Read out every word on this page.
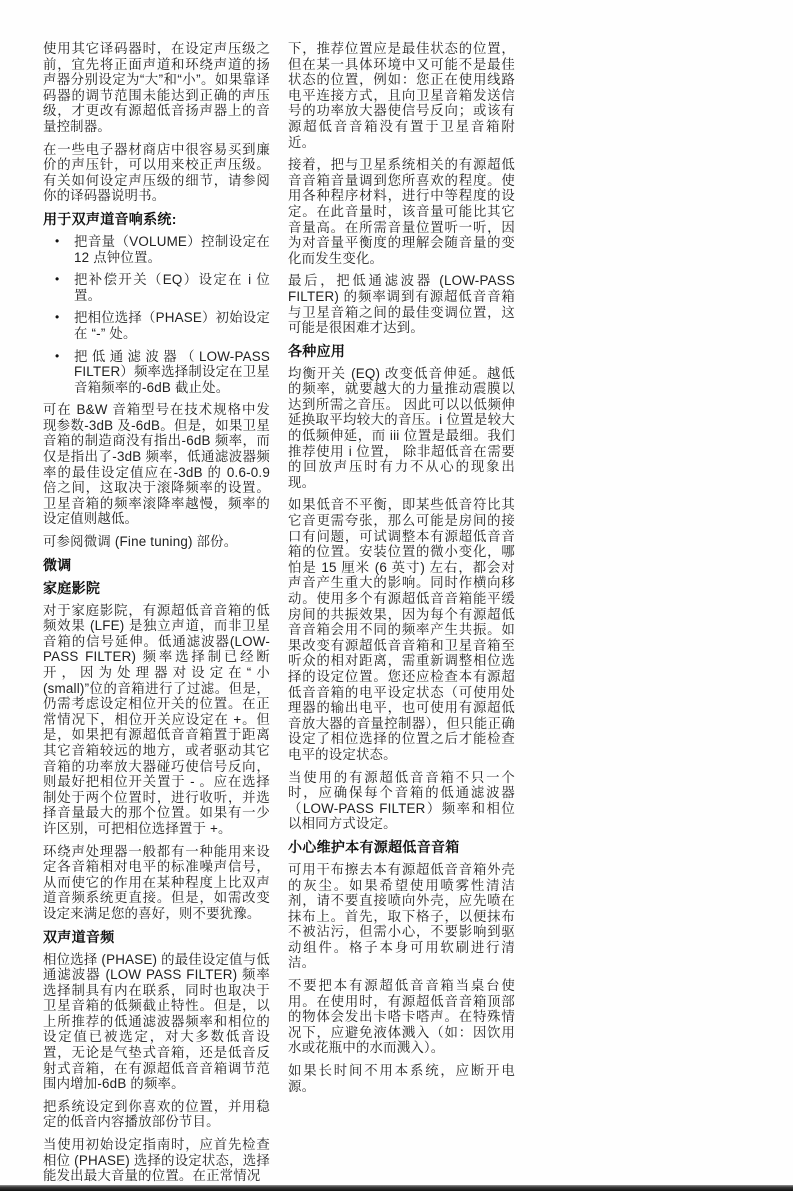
使用其它译码器时，在设定声压级之前，宜先将正面声道和环绕声道的扬声器分别设定为“大”和“小”。如果靠译码器的调节范围未能达到正确的声压级，才更改有源超低音扬声器上的音量控制器。

在一些电子器材商店中很容易买到廉价的声压针，可以用来校正声压级。有关如何设定声压级的细节，请参阅你的译码器说明书。

用于双声道音响系统:
• 把音量（VOLUME）控制设定在 12 点钟位置。
• 把补偿开关（EQ）设定在 i 位置。
• 把相位选择（PHASE）初始设定在 “-” 处。
• 把低通滤波器（LOW-PASS FILTER）频率选择制设定在卫星音箱频率的-6dB 截止处。

可在 B&W 音箱型号在技术规格中发现参数-3dB 及-6dB。但是，如果卫星音箱的制造商没有指出-6dB 频率，而仅是指出了-3dB 频率，低通滤波器频率的最佳设定值应在-3dB 的 0.6-0.9 倍之间，这取决于滚降频率的设置。卫星音箱的频率滚降率越慢，频率的设定值则越低。

可参阅微调 (Fine tuning) 部份。

微调
家庭影院

对于家庭影院，有源超低音音箱的低频效果 (LFE) 是独立声道，而非卫星音箱的信号延伸。低通滤波器(LOW-PASS FILTER) 频率选择制已经断开，因为处理器对设定在“小 (small)”位的音箱进行了过滤。但是，仍需考虑设定相位开关的位置。在正常情况下，相位开关应设定在 +。但是，如果把有源超低音音箱置于距离其它音箱较远的地方，或者驱动其它音箱的功率放大器碰巧使信号反向，则最好把相位开关置于 - 。应在选择制处于两个位置时，进行收听，并选择音量最大的那个位置。如果有一少许区别，可把相位选择置于 +。

环绕声处理器一般都有一种能用来设定各音箱相对电平的标准噪声信号，从而使它的作用在某种程度上比双声道音频系统更直接。但是，如需改变设定来满足您的喜好，则不要犹豫。

双声道音频

相位选择 (PHASE) 的最佳设定值与低通滤波器 (LOW PASS FILTER) 频率选择制具有内在联系，同时也取决于卫星音箱的低频截止特性。但是，以上所推荐的低通滤波器频率和相位的设定值已被选定，对大多数低音设置，无论是气垫式音箱，还是低音反射式音箱，在有源超低音音箱调节范围内增加-6dB 的频率。

把系统设定到你喜欢的位置，并用稳定的低音内容播放部份节目。

当使用初始设定指南时，应首先检查相位 (PHASE) 选择的设定状态，选择能发出最大音量的位置。在正常情况

下，推荐位置应是最佳状态的位置，但在某一具体环境中又可能不是最佳状态的位置，例如：您正在使用线路电平连接方式，且向卫星音箱发送信号的功率放大器使信号反向；或该有源超低音音箱没有置于卫星音箱附近。

接着，把与卫星系统相关的有源超低音音箱音量调到您所喜欢的程度。使用各种程序材料，进行中等程度的设定。在此音量时，该音量可能比其它音量高。在所需音量位置听一听，因为对音量平衡度的理解会随音量的变化而发生变化。

最后，把低通滤波器 (LOW-PASS FILTER) 的频率调到有源超低音音箱与卫星音箱之间的最佳变调位置，这可能是很困难才达到。

各种应用

均衡开关 (EQ) 改变低音伸延。越低的频率，就要越大的力量推动震膜以达到所需之音压。 因此可以以低频伸延换取平均较大的音压。i 位置是较大的低频伸延，而 iii 位置是最细。我们推荐使用 i 位置， 除非超低音在需要的回放声压时有力不从心的现象出现。

如果低音不平衡，即某些低音符比其它音更需夸张，那么可能是房间的接口有问题，可试调整本有源超低音音箱的位置。安装位置的微小变化，哪怕是 15 厘米 (6 英寸) 左右，都会对声音产生重大的影响。同时作横向移动。使用多个有源超低音音箱能平缓房间的共振效果，因为每个有源超低音音箱会用不同的频率产生共振。如果改变有源超低音音箱和卫星音箱至听众的相对距离，需重新调整相位选择的设定位置。您还应检查本有源超低音音箱的电平设定状态（可使用处理器的输出电平，也可使用有源超低音放大器的音量控制器），但只能正确设定了相位选择的位置之后才能检查电平的设定状态。

当使用的有源超低音音箱不只一个时，应确保每个音箱的低通滤波器（LOW-PASS FILTER）频率和相位以相同方式设定。

小心维护本有源超低音音箱

可用干布擦去本有源超低音音箱外壳的灰尘。如果希望使用喷雾性清洁剂，请不要直接喷向外壳，应先喷在抹布上。首先，取下格子，以便抹布不被沾污，但需小心，不要影响到驱动组件。格子本身可用软刷进行清洁。

不要把本有源超低音音箱当桌台使用。在使用时，有源超低音音箱顶部的物体会发出卡嗒卡嗒声。在特殊情况下，应避免液体溅入（如：因饮用水或花瓶中的水而溅入）。

如果长时间不用本系统，应断开电源。
